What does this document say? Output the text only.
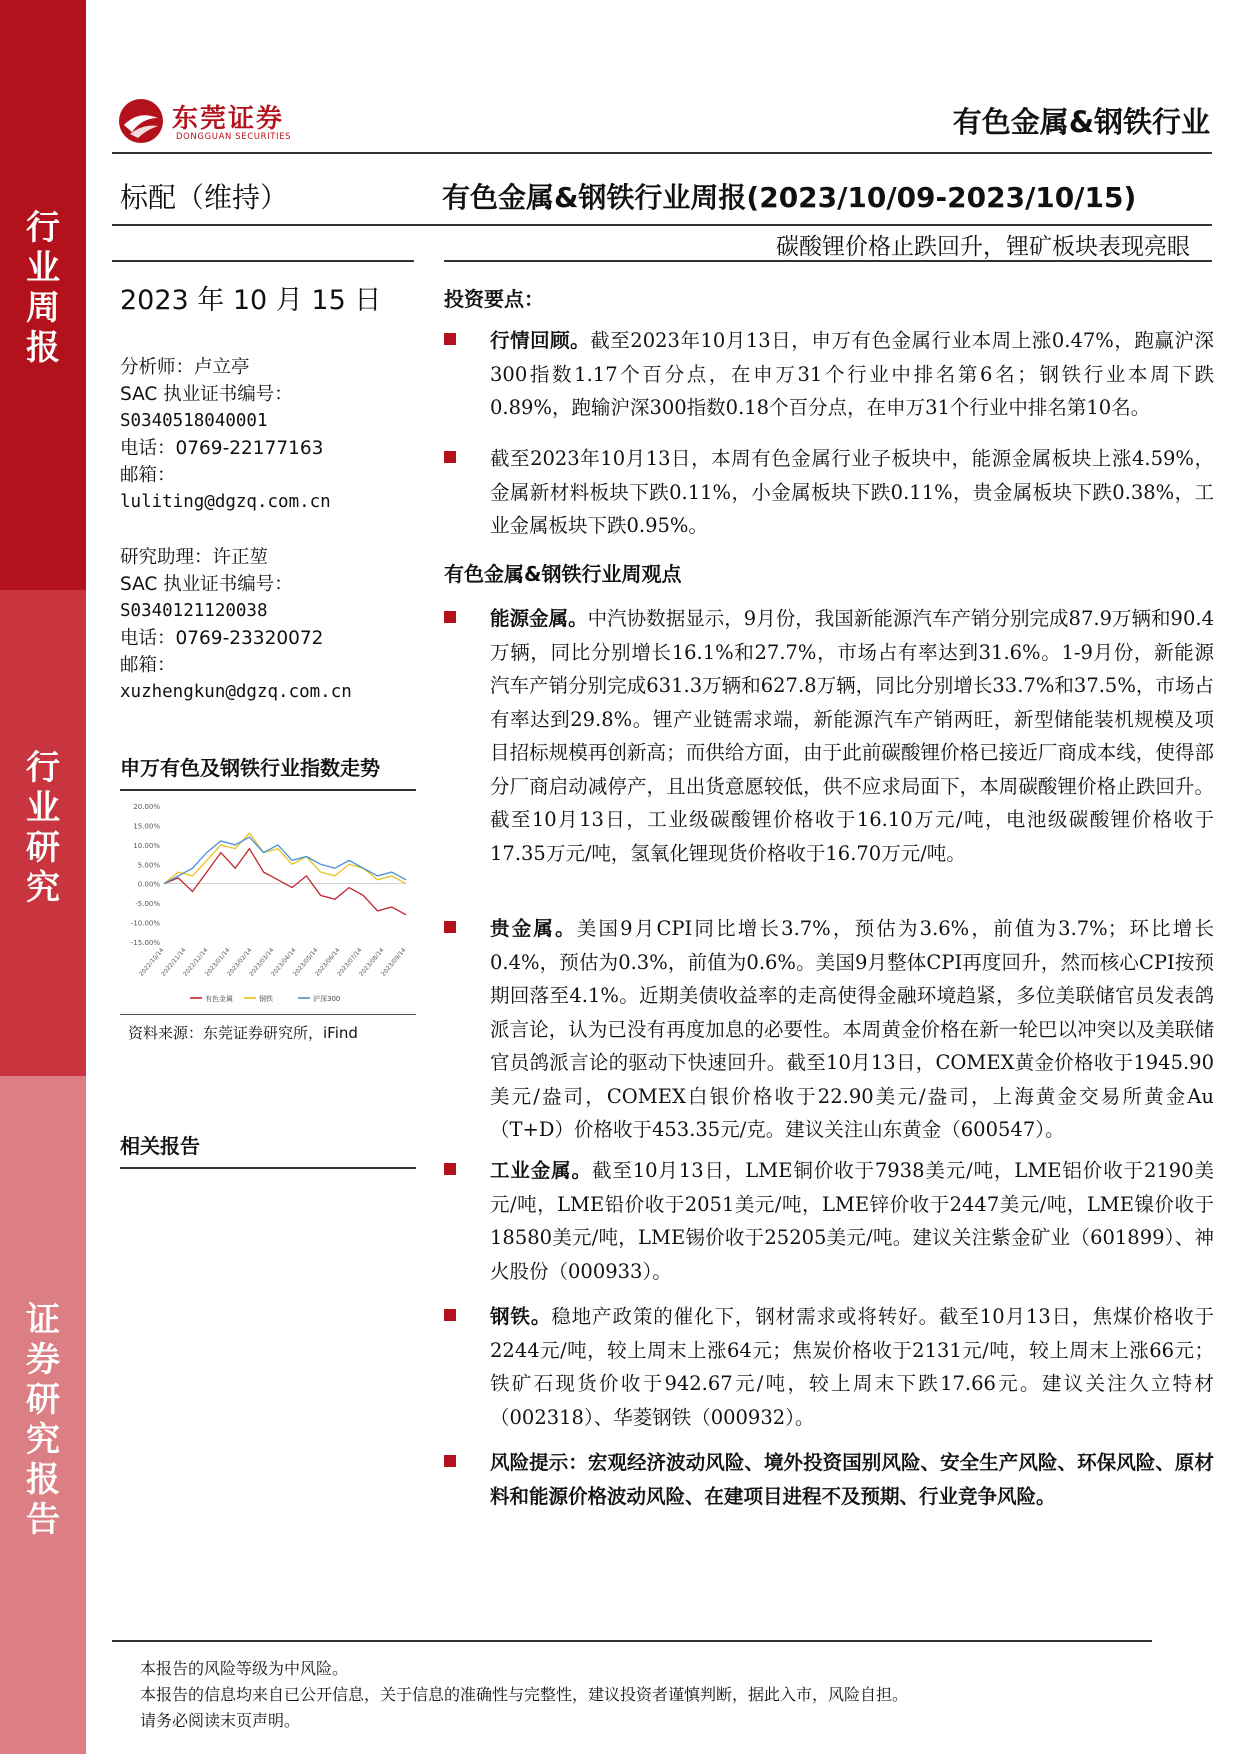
行
业
周
报
行
业
研
究
证
券
研
究
报
告
东莞证券
DONGGUAN SECURITIES	有色金属&钢铁行业
标配（维持）	有色金属&钢铁行业周报(2023/10/09-2023/10/15)
碳酸锂价格止跌回升，锂矿板块表现亮眼
2023 年 10 月 15 日
分析师：卢立亭
SAC 执业证书编号：
S0340518040001
电话：0769-22177163
邮箱：
luliting@dgzq.com.cn
研究助理：许正堃
SAC 执业证书编号：
S0340121120038
电话：0769-23320072
邮箱：
xuzhengkun@dgzq.com.cn
申万有色及钢铁行业指数走势
20.00%
15.00%
10.00%
5.00%
0.00%
-5.00%
-10.00%
-15.00%
2022/10/14
2022/11/14
2022/12/14
2023/01/14
2023/02/14
2023/03/14
2023/04/14
2023/05/14
2023/06/14
2023/07/14
2023/08/14
2023/09/14
有色金属	钢铁	沪深300
资料来源：东莞证券研究所，iFind
相关报告
投资要点：

行情回顾。截至2023年10月13日，申万有色金属行业本周上涨0.47%，跑赢沪深300指数1.17个百分点，在申万31个行业中排名第6名；钢铁行业本周下跌0.89%，跑输沪深300指数0.18个百分点，在申万31个行业中排名第10名。

截至2023年10月13日，本周有色金属行业子板块中，能源金属板块上涨4.59%，金属新材料板块下跌0.11%，小金属板块下跌0.11%，贵金属板块下跌0.38%，工业金属板块下跌0.95%。

有色金属&钢铁行业周观点

能源金属。中汽协数据显示，9月份，我国新能源汽车产销分别完成87.9万辆和90.4万辆，同比分别增长16.1%和27.7%，市场占有率达到31.6%。1-9月份，新能源汽车产销分别完成631.3万辆和627.8万辆，同比分别增长33.7%和37.5%，市场占有率达到29.8%。锂产业链需求端，新能源汽车产销两旺，新型储能装机规模及项目招标规模再创新高；而供给方面，由于此前碳酸锂价格已接近厂商成本线，使得部分厂商启动减停产，且出货意愿较低，供不应求局面下，本周碳酸锂价格止跌回升。截至10月13日，工业级碳酸锂价格收于16.10万元/吨，电池级碳酸锂价格收于17.35万元/吨，氢氧化锂现货价格收于16.70万元/吨。

贵金属。美国9月CPI同比增长3.7%，预估为3.6%，前值为3.7%；环比增长0.4%，预估为0.3%，前值为0.6%。美国9月整体CPI再度回升，然而核心CPI按预期回落至4.1%。近期美债收益率的走高使得金融环境趋紧，多位美联储官员发表鸽派言论，认为已没有再度加息的必要性。本周黄金价格在新一轮巴以冲突以及美联储官员鸽派言论的驱动下快速回升。截至10月13日，COMEX黄金价格收于1945.90美元/盎司，COMEX白银价格收于22.90美元/盎司，上海黄金交易所黄金Au（T+D）价格收于453.35元/克。建议关注山东黄金（600547）。

工业金属。截至10月13日，LME铜价收于7938美元/吨，LME铝价收于2190美元/吨，LME铅价收于2051美元/吨，LME锌价收于2447美元/吨，LME镍价收于18580美元/吨，LME锡价收于25205美元/吨。建议关注紫金矿业（601899）、神火股份（000933）。

钢铁。稳地产政策的催化下，钢材需求或将转好。截至10月13日，焦煤价格收于2244元/吨，较上周末上涨64元；焦炭价格收于2131元/吨，较上周末上涨66元；铁矿石现货价收于942.67元/吨，较上周末下跌17.66元。建议关注久立特材（002318）、华菱钢铁（000932）。

风险提示：宏观经济波动风险、境外投资国别风险、安全生产风险、环保风险、原材料和能源价格波动风险、在建项目进程不及预期、行业竞争风险。

本报告的风险等级为中风险。
本报告的信息均来自已公开信息，关于信息的准确性与完整性，建议投资者谨慎判断，据此入市，风险自担。
请务必阅读末页声明。
